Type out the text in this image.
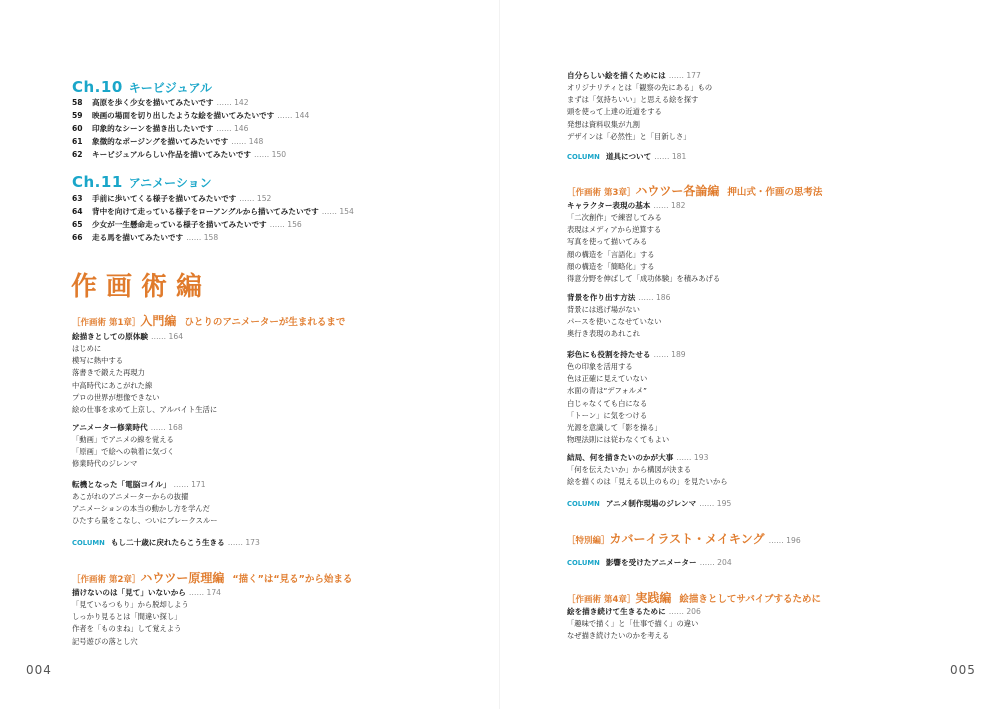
Ch.10 キービジュアル
58	高原を歩く少女を描いてみたいです …… 142
59	映画の場面を切り出したような絵を描いてみたいです …… 144
60	印象的なシーンを描き出したいです …… 146
61	象徴的なポージングを描いてみたいです …… 148
62	キービジュアルらしい作品を描いてみたいです …… 150
Ch.11 アニメーション
63	手前に歩いてくる様子を描いてみたいです …… 152
64	背中を向けて走っている様子をローアングルから描いてみたいです …… 154
65	少女が一生懸命走っている様子を描いてみたいです …… 156
66	走る馬を描いてみたいです …… 158
作画術編
［作画術 第1章］入門編 ひとりのアニメーターが生まれるまで
絵描きとしての原体験 …… 164
はじめに
模写に熱中する
落書きで鍛えた再現力
中高時代にあこがれた線
プロの世界が想像できない
絵の仕事を求めて上京し、アルバイト生活に
アニメーター修業時代 …… 168
「動画」でアニメの線を覚える
「原画」で絵への執着に気づく
修業時代のジレンマ
転機となった「電脳コイル」 …… 171
あこがれのアニメーターからの抜擢
アニメーションの本当の動かし方を学んだ
ひたすら量をこなし、ついにブレークスルー
COLUMN もし二十歳に戻れたらこう生きる …… 173
［作画術 第2章］ハウツー原理編 “描く”は“見る”から始まる
描けないのは「見て」いないから …… 174
「見ているつもり」から脱却しよう
しっかり見るとは「間違い探し」
作者を「ものまね」して覚えよう
記号遊びの落とし穴
004
自分らしい絵を描くためには …… 177
オリジナリティとは「観察の先にある」もの
まずは「気持ちいい」と思える絵を探す
頭を使って上達の近道をする
発想は資料収集が九割
デザインは「必然性」と「目新しさ」
COLUMN 道具について …… 181
［作画術 第3章］ハウツー各論編 押山式・作画の思考法
キャラクター表現の基本 …… 182
「二次創作」で練習してみる
表現はメディアから逆算する
写真を使って描いてみる
顔の構造を「言語化」する
顔の構造を「簡略化」する
得意分野を伸ばして「成功体験」を積みあげる
背景を作り出す方法 …… 186
背景には逃げ場がない
パースを使いこなせていない
奥行き表現のあれこれ
彩色にも役割を持たせる …… 189
色の印象を活用する
色は正確に見えていない
水面の青は“デフォルメ”
白じゃなくても白になる
「トーン」に気をつける
光源を意識して「影を操る」
物理法則には従わなくてもよい
結局、何を描きたいのかが大事 …… 193
「何を伝えたいか」から構図が決まる
絵を描くのは「見える以上のもの」を見たいから
COLUMN アニメ制作現場のジレンマ …… 195
［特別編］カバーイラスト・メイキング …… 196
COLUMN 影響を受けたアニメーター …… 204
［作画術 第4章］実践編 絵描きとしてサバイブするために
絵を描き続けて生きるために …… 206
「趣味で描く」と「仕事で描く」の違い
なぜ描き続けたいのかを考える
005
